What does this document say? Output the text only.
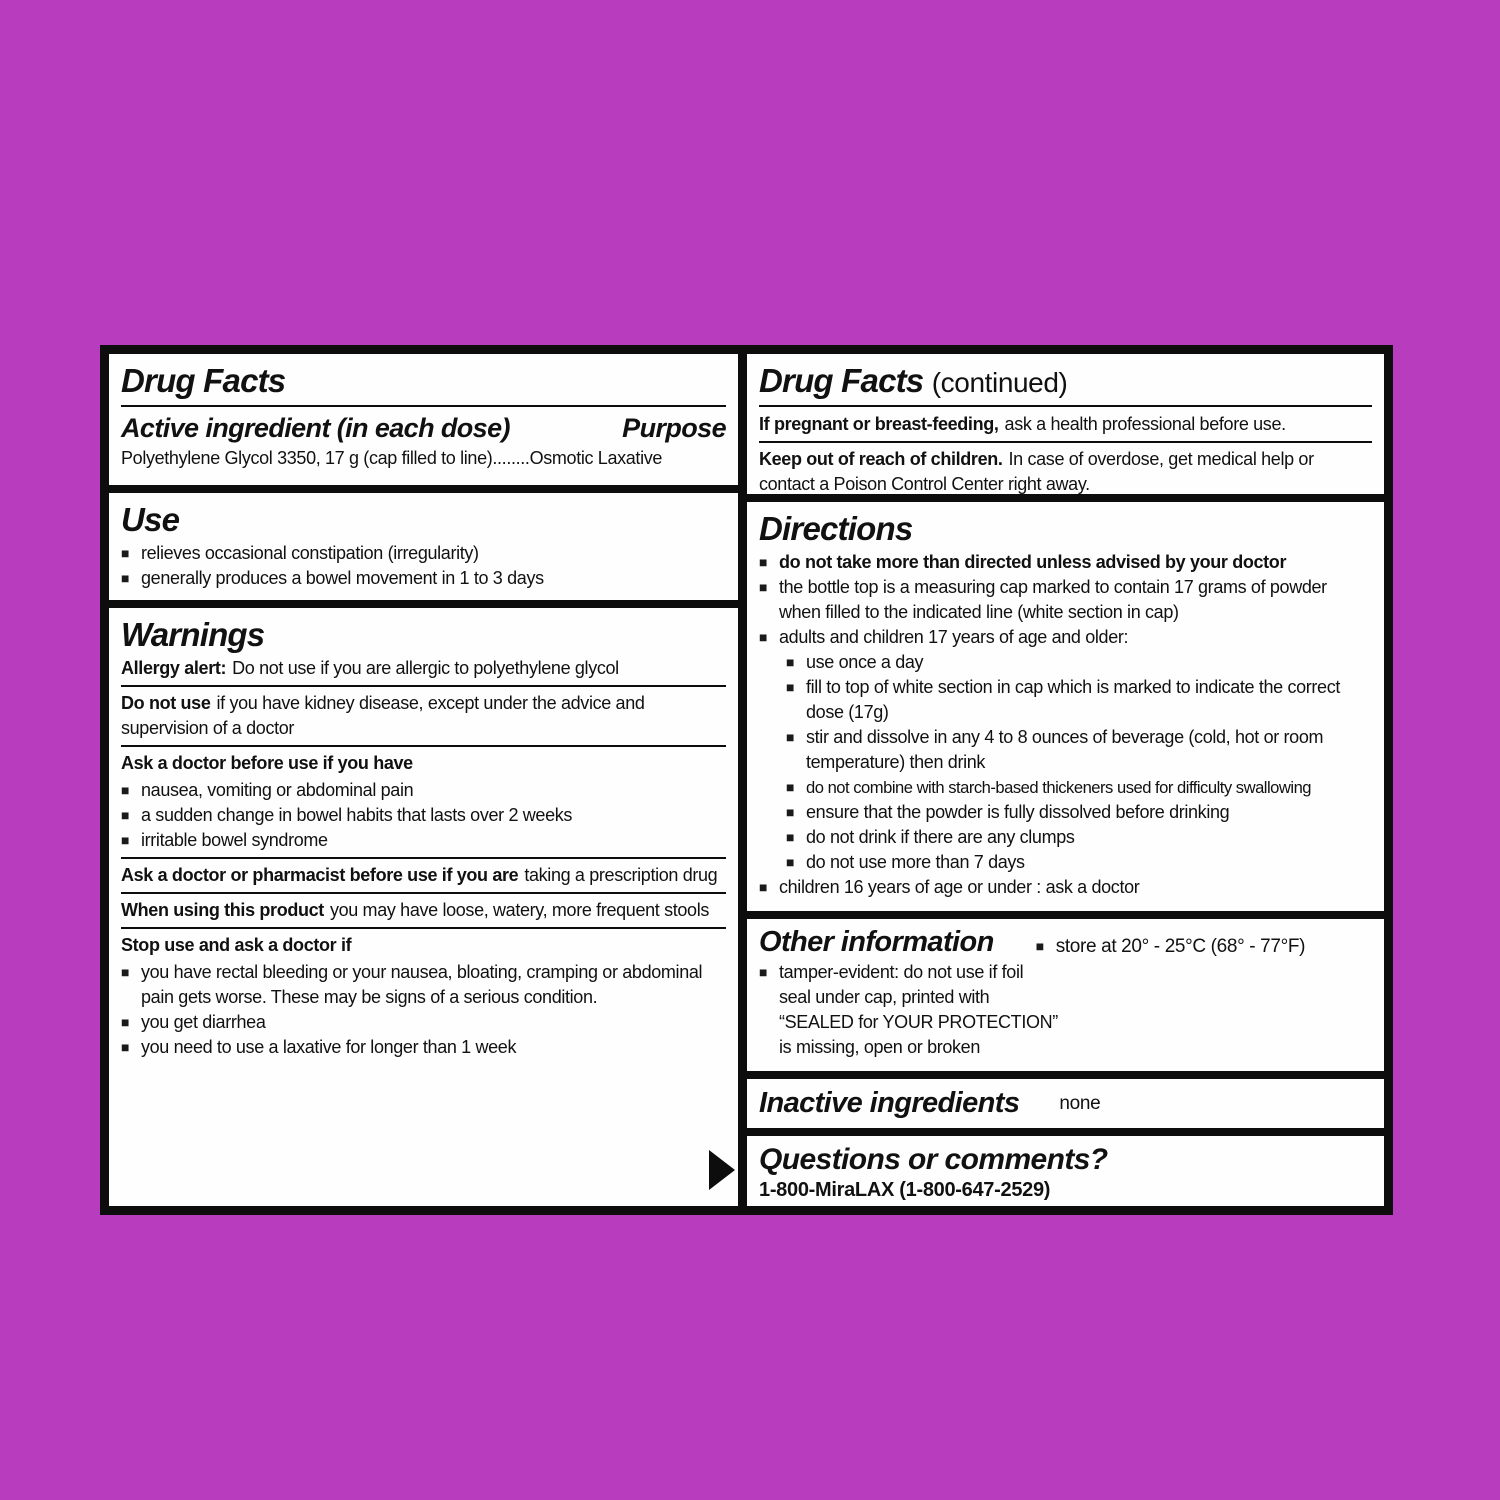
Drug Facts
Active ingredient (in each dose)	Purpose
Polyethylene Glycol 3350, 17 g (cap filled to line)........Osmotic Laxative
Use
■ relieves occasional constipation (irregularity)
■ generally produces a bowel movement in 1 to 3 days
Warnings
Allergy alert: Do not use if you are allergic to polyethylene glycol
Do not use if you have kidney disease, except under the advice and supervision of a doctor
Ask a doctor before use if you have
■ nausea, vomiting or abdominal pain
■ a sudden change in bowel habits that lasts over 2 weeks
■ irritable bowel syndrome
Ask a doctor or pharmacist before use if you are taking a prescription drug
When using this product you may have loose, watery, more frequent stools
Stop use and ask a doctor if
■ you have rectal bleeding or your nausea, bloating, cramping or abdominal pain gets worse. These may be signs of a serious condition.
■ you get diarrhea
■ you need to use a laxative for longer than 1 week
Drug Facts (continued)
If pregnant or breast-feeding, ask a health professional before use.
Keep out of reach of children. In case of overdose, get medical help or contact a Poison Control Center right away.
Directions
■ do not take more than directed unless advised by your doctor
■ the bottle top is a measuring cap marked to contain 17 grams of powder when filled to the indicated line (white section in cap)
■ adults and children 17 years of age and older:
■ use once a day
■ fill to top of white section in cap which is marked to indicate the correct dose (17g)
■ stir and dissolve in any 4 to 8 ounces of beverage (cold, hot or room temperature) then drink
■ do not combine with starch-based thickeners used for difficulty swallowing
■ ensure that the powder is fully dissolved before drinking
■ do not drink if there are any clumps
■ do not use more than 7 days
■ children 16 years of age or under : ask a doctor
Other information	■ store at 20° - 25°C (68° - 77°F)
■ tamper-evident: do not use if foil
seal under cap, printed with
“SEALED for YOUR PROTECTION”
is missing, open or broken
Inactive ingredients none
Questions or comments?
1-800-MiraLAX (1-800-647-2529)
